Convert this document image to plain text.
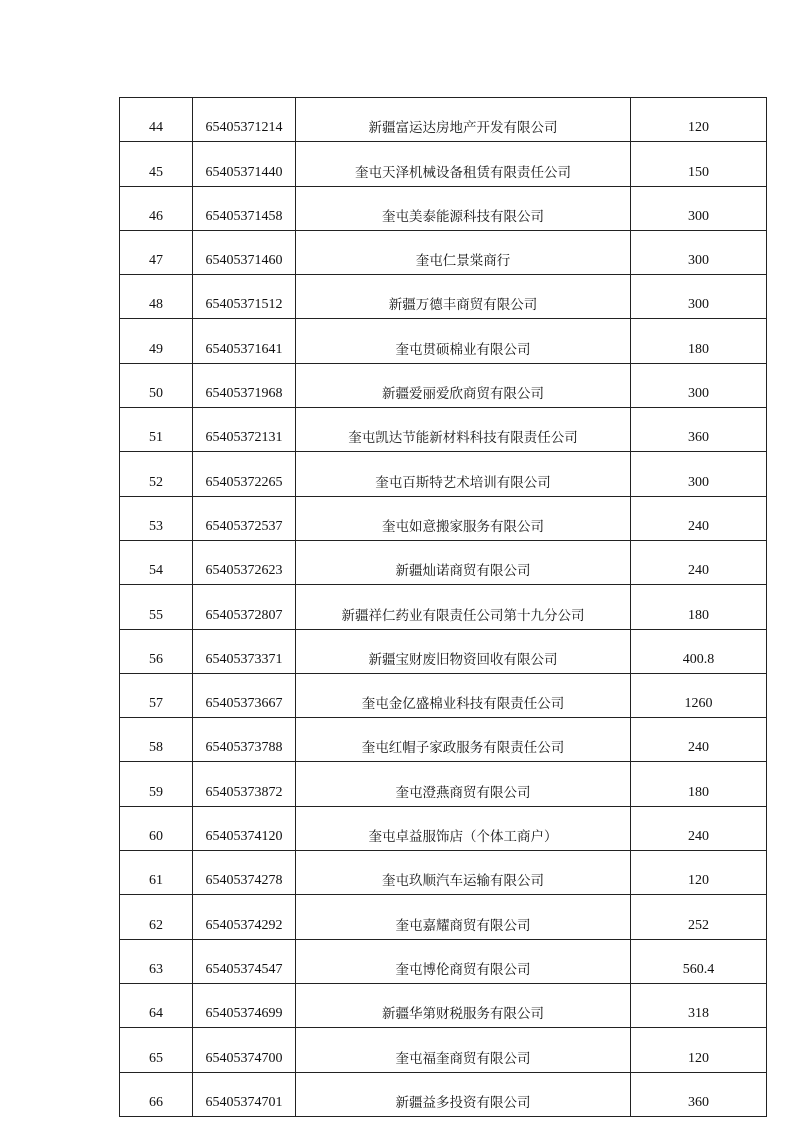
44	65405371214	新疆富运达房地产开发有限公司	120
45	65405371440	奎屯天泽机械设备租赁有限责任公司	150
46	65405371458	奎屯美泰能源科技有限公司	300
47	65405371460	奎屯仁景棠商行	300
48	65405371512	新疆万德丰商贸有限公司	300
49	65405371641	奎屯贯硕棉业有限公司	180
50	65405371968	新疆爱丽爱欣商贸有限公司	300
51	65405372131	奎屯凯达节能新材料科技有限责任公司	360
52	65405372265	奎屯百斯特艺术培训有限公司	300
53	65405372537	奎屯如意搬家服务有限公司	240
54	65405372623	新疆灿诺商贸有限公司	240
55	65405372807	新疆祥仁药业有限责任公司第十九分公司	180
56	65405373371	新疆宝财废旧物资回收有限公司	400.8
57	65405373667	奎屯金亿盛棉业科技有限责任公司	1260
58	65405373788	奎屯红帽子家政服务有限责任公司	240
59	65405373872	奎屯澄燕商贸有限公司	180
60	65405374120	奎屯卓益服饰店（个体工商户）	240
61	65405374278	奎屯玖顺汽车运输有限公司	120
62	65405374292	奎屯嘉耀商贸有限公司	252
63	65405374547	奎屯博伦商贸有限公司	560.4
64	65405374699	新疆华第财税服务有限公司	318
65	65405374700	奎屯福奎商贸有限公司	120
66	65405374701	新疆益多投资有限公司	360
